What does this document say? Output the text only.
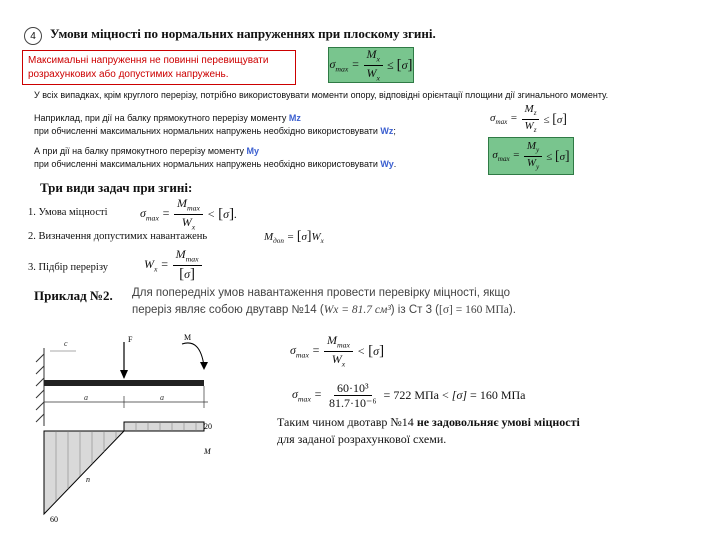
4 Умови міцності по нормальних напруженнях при плоскому згині.
Максимальні напруження не повинні перевищувати
розрахункових або допустимих напружень.
$\sigma_{max} = \frac{M_x}{W_x} \le [\sigma]$
У всіх випадках, крім круглого перерізу, потрібно використовувати моменти опору, відповідні орієнтації площини дії згинального моменту.
Наприклад, при дії на балку прямокутного перерізу моменту Mz
при обчисленні максимальних нормальних напружень необхідно використовувати Wz;
$\sigma_{max} = \frac{M_z}{W_z} \le [\sigma]$
А при дії на балку прямокутного перерізу моменту My
при обчисленні максимальних нормальних напружень необхідно використовувати Wy.
$\sigma_{max} = \frac{M_y}{W_y} \le [\sigma]$
Три види задач при згині:
1. Умова міцності	$\sigma_{max} = \frac{M_{max}}{W_x} < [\sigma]$.
2. Визначення допустимих навантажень	$M_{доп} = [\sigma]W_x$
3. Підбір перерізу	$W_x = \frac{M_{max}}{[\sigma]}$
Приклад №2. Для попередніх умов навантаження провести перевірку міцності, якщо
переріз являє собою двутавр №14 (Wx = 81.7 см³) із Ст 3 ([σ] = 160 МПа).
$\sigma_{max} = \frac{M_{max}}{W_x} < [\sigma]$
$\sigma_{max} = \frac{\text{60·10³}}{\text{81.7·10⁻⁶}} = 722$ МПа < [σ] = 160 МПа
Таким чином двотавр №14 не задовольняє умові міцності
для заданої розрахункової схеми.
c	F	M
a	a
20
M
n
60
